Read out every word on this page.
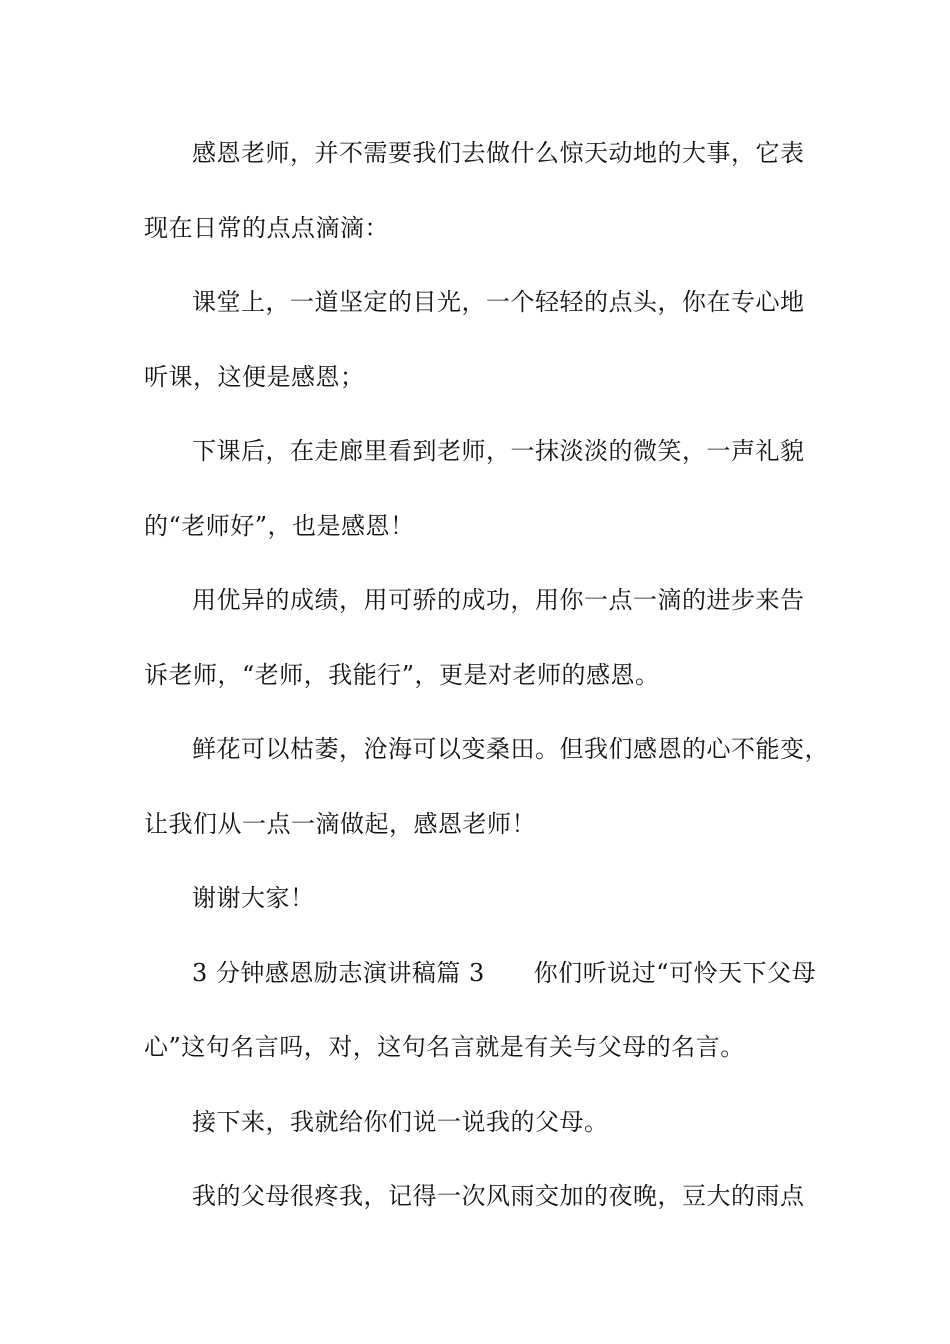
感恩老师，并不需要我们去做什么惊天动地的大事，它表

现在日常的点点滴滴：

课堂上，一道坚定的目光，一个轻轻的点头，你在专心地

听课，这便是感恩；

下课后，在走廊里看到老师，一抹淡淡的微笑，一声礼貌

的“老师好”，也是感恩！

用优异的成绩，用可骄的成功，用你一点一滴的进步来告

诉老师，“老师，我能行”，更是对老师的感恩。

鲜花可以枯萎，沧海可以变桑田。但我们感恩的心不能变，

让我们从一点一滴做起，感恩老师！

谢谢大家！

3 分钟感恩励志演讲稿篇 3　　你们听说过“可怜天下父母

心”这句名言吗，对，这句名言就是有关与父母的名言。

接下来，我就给你们说一说我的父母。

我的父母很疼我，记得一次风雨交加的夜晚，豆大的雨点
